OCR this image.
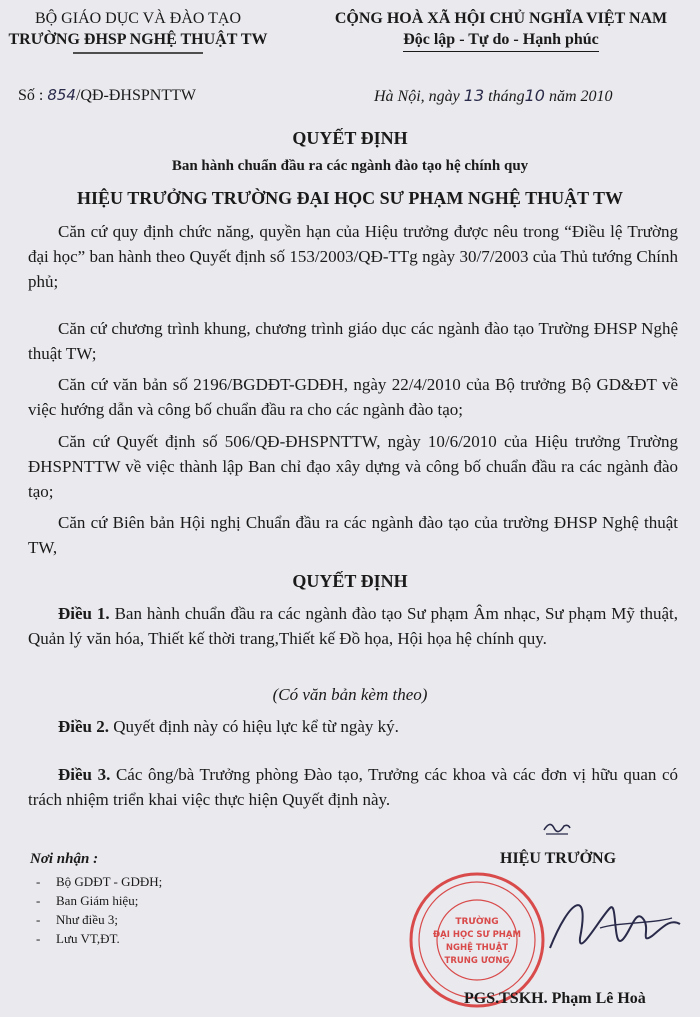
BỘ GIÁO DỤC VÀ ĐÀO TẠO
TRƯỜNG ĐHSP NGHỆ THUẬT TW
CỘNG HOÀ XÃ HỘI CHỦ NGHĨA VIỆT NAM
Độc lập - Tự do - Hạnh phúc
Số : 854/QĐ-ĐHSPNTTW	Hà Nội, ngày 13 tháng10 năm 2010
QUYẾT ĐỊNH
Ban hành chuẩn đầu ra các ngành đào tạo hệ chính quy
HIỆU TRƯỞNG TRƯỜNG ĐẠI HỌC SƯ PHẠM NGHỆ THUẬT TW

Căn cứ quy định chức năng, quyền hạn của Hiệu trưởng được nêu trong “Điều lệ Trường đại học” ban hành theo Quyết định số 153/2003/QĐ-TTg ngày 30/7/2003 của Thủ tướng Chính phủ;

Căn cứ chương trình khung, chương trình giáo dục các ngành đào tạo Trường ĐHSP Nghệ thuật TW;

Căn cứ văn bản số 2196/BGDĐT-GDĐH, ngày 22/4/2010 của Bộ trưởng Bộ GD&ĐT về việc hướng dẫn và công bố chuẩn đầu ra cho các ngành đào tạo;

Căn cứ Quyết định số 506/QĐ-ĐHSPNTTW, ngày 10/6/2010 của Hiệu trưởng Trường ĐHSPNTTW về việc thành lập Ban chỉ đạo xây dựng và công bố chuẩn đầu ra các ngành đào tạo;

Căn cứ Biên bản Hội nghị Chuẩn đầu ra các ngành đào tạo của trường ĐHSP Nghệ thuật TW,

QUYẾT ĐỊNH

Điều 1. Ban hành chuẩn đầu ra các ngành đào tạo Sư phạm Âm nhạc, Sư phạm Mỹ thuật, Quản lý văn hóa, Thiết kế thời trang,Thiết kế Đồ họa, Hội họa hệ chính quy.

(Có văn bản kèm theo)

Điều 2. Quyết định này có hiệu lực kể từ ngày ký.

Điều 3. Các ông/bà Trưởng phòng Đào tạo, Trưởng các khoa và các đơn vị hữu quan có trách nhiệm triển khai việc thực hiện Quyết định này.

Nơi nhận :
- Bộ GDĐT - GDĐH;
- Ban Giám hiệu;
- Như điều 3;
- Lưu VT,ĐT.
HIỆU TRƯỞNG
TRƯỜNG
ĐẠI HỌC SƯ PHẠM
NGHỆ THUẬT
TRUNG ƯƠNG
PGS.TSKH. Phạm Lê Hoà
